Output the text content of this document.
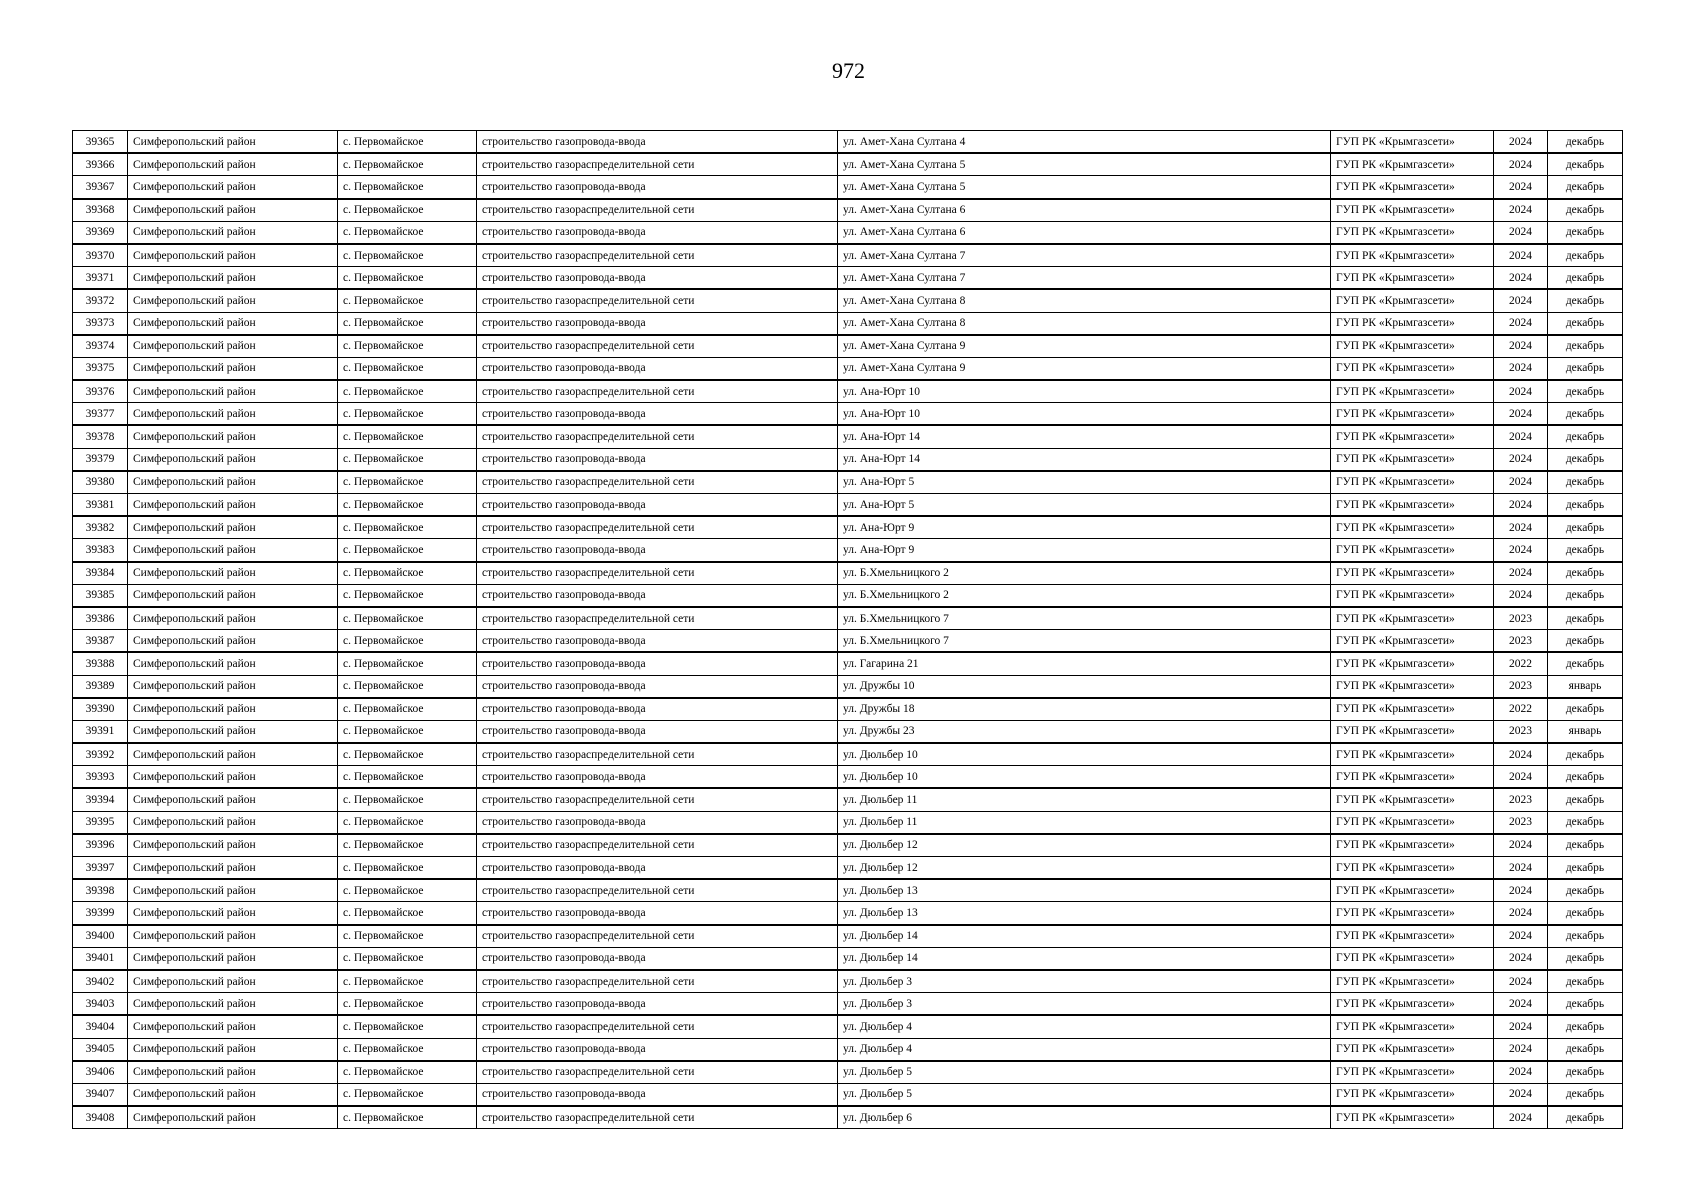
972
39365	Симферопольский район	с. Первомайское	строительство газопровода-ввода	ул. Амет-Хана Султана 4	ГУП РК «Крымгазсети»	2024	декабрь
39366	Симферопольский район	с. Первомайское	строительство газораспределительной сети	ул. Амет-Хана Султана 5	ГУП РК «Крымгазсети»	2024	декабрь
39367	Симферопольский район	с. Первомайское	строительство газопровода-ввода	ул. Амет-Хана Султана 5	ГУП РК «Крымгазсети»	2024	декабрь
39368	Симферопольский район	с. Первомайское	строительство газораспределительной сети	ул. Амет-Хана Султана 6	ГУП РК «Крымгазсети»	2024	декабрь
39369	Симферопольский район	с. Первомайское	строительство газопровода-ввода	ул. Амет-Хана Султана 6	ГУП РК «Крымгазсети»	2024	декабрь
39370	Симферопольский район	с. Первомайское	строительство газораспределительной сети	ул. Амет-Хана Султана 7	ГУП РК «Крымгазсети»	2024	декабрь
39371	Симферопольский район	с. Первомайское	строительство газопровода-ввода	ул. Амет-Хана Султана 7	ГУП РК «Крымгазсети»	2024	декабрь
39372	Симферопольский район	с. Первомайское	строительство газораспределительной сети	ул. Амет-Хана Султана 8	ГУП РК «Крымгазсети»	2024	декабрь
39373	Симферопольский район	с. Первомайское	строительство газопровода-ввода	ул. Амет-Хана Султана 8	ГУП РК «Крымгазсети»	2024	декабрь
39374	Симферопольский район	с. Первомайское	строительство газораспределительной сети	ул. Амет-Хана Султана 9	ГУП РК «Крымгазсети»	2024	декабрь
39375	Симферопольский район	с. Первомайское	строительство газопровода-ввода	ул. Амет-Хана Султана 9	ГУП РК «Крымгазсети»	2024	декабрь
39376	Симферопольский район	с. Первомайское	строительство газораспределительной сети	ул. Ана-Юрт 10	ГУП РК «Крымгазсети»	2024	декабрь
39377	Симферопольский район	с. Первомайское	строительство газопровода-ввода	ул. Ана-Юрт 10	ГУП РК «Крымгазсети»	2024	декабрь
39378	Симферопольский район	с. Первомайское	строительство газораспределительной сети	ул. Ана-Юрт 14	ГУП РК «Крымгазсети»	2024	декабрь
39379	Симферопольский район	с. Первомайское	строительство газопровода-ввода	ул. Ана-Юрт 14	ГУП РК «Крымгазсети»	2024	декабрь
39380	Симферопольский район	с. Первомайское	строительство газораспределительной сети	ул. Ана-Юрт 5	ГУП РК «Крымгазсети»	2024	декабрь
39381	Симферопольский район	с. Первомайское	строительство газопровода-ввода	ул. Ана-Юрт 5	ГУП РК «Крымгазсети»	2024	декабрь
39382	Симферопольский район	с. Первомайское	строительство газораспределительной сети	ул. Ана-Юрт 9	ГУП РК «Крымгазсети»	2024	декабрь
39383	Симферопольский район	с. Первомайское	строительство газопровода-ввода	ул. Ана-Юрт 9	ГУП РК «Крымгазсети»	2024	декабрь
39384	Симферопольский район	с. Первомайское	строительство газораспределительной сети	ул. Б.Хмельницкого 2	ГУП РК «Крымгазсети»	2024	декабрь
39385	Симферопольский район	с. Первомайское	строительство газопровода-ввода	ул. Б.Хмельницкого 2	ГУП РК «Крымгазсети»	2024	декабрь
39386	Симферопольский район	с. Первомайское	строительство газораспределительной сети	ул. Б.Хмельницкого 7	ГУП РК «Крымгазсети»	2023	декабрь
39387	Симферопольский район	с. Первомайское	строительство газопровода-ввода	ул. Б.Хмельницкого 7	ГУП РК «Крымгазсети»	2023	декабрь
39388	Симферопольский район	с. Первомайское	строительство газопровода-ввода	ул. Гагарина 21	ГУП РК «Крымгазсети»	2022	декабрь
39389	Симферопольский район	с. Первомайское	строительство газопровода-ввода	ул. Дружбы 10	ГУП РК «Крымгазсети»	2023	январь
39390	Симферопольский район	с. Первомайское	строительство газопровода-ввода	ул. Дружбы 18	ГУП РК «Крымгазсети»	2022	декабрь
39391	Симферопольский район	с. Первомайское	строительство газопровода-ввода	ул. Дружбы 23	ГУП РК «Крымгазсети»	2023	январь
39392	Симферопольский район	с. Первомайское	строительство газораспределительной сети	ул. Дюльбер 10	ГУП РК «Крымгазсети»	2024	декабрь
39393	Симферопольский район	с. Первомайское	строительство газопровода-ввода	ул. Дюльбер 10	ГУП РК «Крымгазсети»	2024	декабрь
39394	Симферопольский район	с. Первомайское	строительство газораспределительной сети	ул. Дюльбер 11	ГУП РК «Крымгазсети»	2023	декабрь
39395	Симферопольский район	с. Первомайское	строительство газопровода-ввода	ул. Дюльбер 11	ГУП РК «Крымгазсети»	2023	декабрь
39396	Симферопольский район	с. Первомайское	строительство газораспределительной сети	ул. Дюльбер 12	ГУП РК «Крымгазсети»	2024	декабрь
39397	Симферопольский район	с. Первомайское	строительство газопровода-ввода	ул. Дюльбер 12	ГУП РК «Крымгазсети»	2024	декабрь
39398	Симферопольский район	с. Первомайское	строительство газораспределительной сети	ул. Дюльбер 13	ГУП РК «Крымгазсети»	2024	декабрь
39399	Симферопольский район	с. Первомайское	строительство газопровода-ввода	ул. Дюльбер 13	ГУП РК «Крымгазсети»	2024	декабрь
39400	Симферопольский район	с. Первомайское	строительство газораспределительной сети	ул. Дюльбер 14	ГУП РК «Крымгазсети»	2024	декабрь
39401	Симферопольский район	с. Первомайское	строительство газопровода-ввода	ул. Дюльбер 14	ГУП РК «Крымгазсети»	2024	декабрь
39402	Симферопольский район	с. Первомайское	строительство газораспределительной сети	ул. Дюльбер 3	ГУП РК «Крымгазсети»	2024	декабрь
39403	Симферопольский район	с. Первомайское	строительство газопровода-ввода	ул. Дюльбер 3	ГУП РК «Крымгазсети»	2024	декабрь
39404	Симферопольский район	с. Первомайское	строительство газораспределительной сети	ул. Дюльбер 4	ГУП РК «Крымгазсети»	2024	декабрь
39405	Симферопольский район	с. Первомайское	строительство газопровода-ввода	ул. Дюльбер 4	ГУП РК «Крымгазсети»	2024	декабрь
39406	Симферопольский район	с. Первомайское	строительство газораспределительной сети	ул. Дюльбер 5	ГУП РК «Крымгазсети»	2024	декабрь
39407	Симферопольский район	с. Первомайское	строительство газопровода-ввода	ул. Дюльбер 5	ГУП РК «Крымгазсети»	2024	декабрь
39408	Симферопольский район	с. Первомайское	строительство газораспределительной сети	ул. Дюльбер 6	ГУП РК «Крымгазсети»	2024	декабрь
